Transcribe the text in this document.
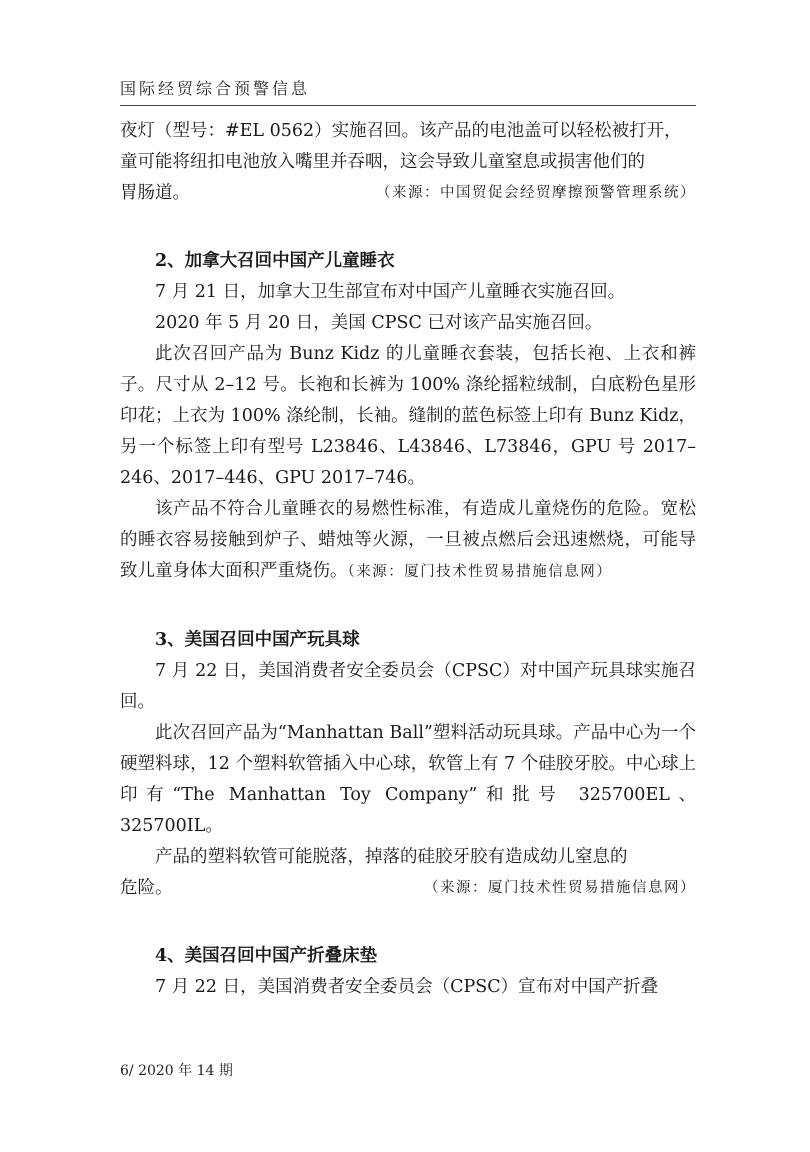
国际经贸综合预警信息

夜灯（型号：#EL 0562）实施召回。该产品的电池盖可以轻松被打开，

童可能将纽扣电池放入嘴里并吞咽，这会导致儿童窒息或损害他们的

胃肠道。	（来源：中国贸促会经贸摩擦预警管理系统）
2、加拿大召回中国产儿童睡衣

7 月 21 日，加拿大卫生部宣布对中国产儿童睡衣实施召回。

2020 年 5 月 20 日，美国 CPSC 已对该产品实施召回。

此次召回产品为 Bunz Kidz 的儿童睡衣套装，包括长袍、上衣和裤子。尺寸从 2–12 号。长袍和长裤为 100% 涤纶摇粒绒制，白底粉色星形印花；上衣为 100% 涤纶制，长袖。缝制的蓝色标签上印有 Bunz Kidz，另一个标签上印有型号 L23846、L43846、L73846，GPU 号 2017–246、2017–446、GPU 2017–746。

该产品不符合儿童睡衣的易燃性标准，有造成儿童烧伤的危险。宽松的睡衣容易接触到炉子、蜡烛等火源，一旦被点燃后会迅速燃烧，可能导致儿童身体大面积严重烧伤。（来源：厦门技术性贸易措施信息网）

3、美国召回中国产玩具球

7 月 22 日，美国消费者安全委员会（CPSC）对中国产玩具球实施召回。

此次召回产品为“Manhattan Ball”塑料活动玩具球。产品中心为一个硬塑料球，12 个塑料软管插入中心球，软管上有 7 个硅胶牙胶。中心球上印有“The Manhattan Toy Company”和批号 325700EL、325700IL。

产品的塑料软管可能脱落，掉落的硅胶牙胶有造成幼儿窒息的

危险。	（来源：厦门技术性贸易措施信息网）
4、美国召回中国产折叠床垫

7 月 22 日，美国消费者安全委员会（CPSC）宣布对中国产折叠

6/ 2020 年 14 期
